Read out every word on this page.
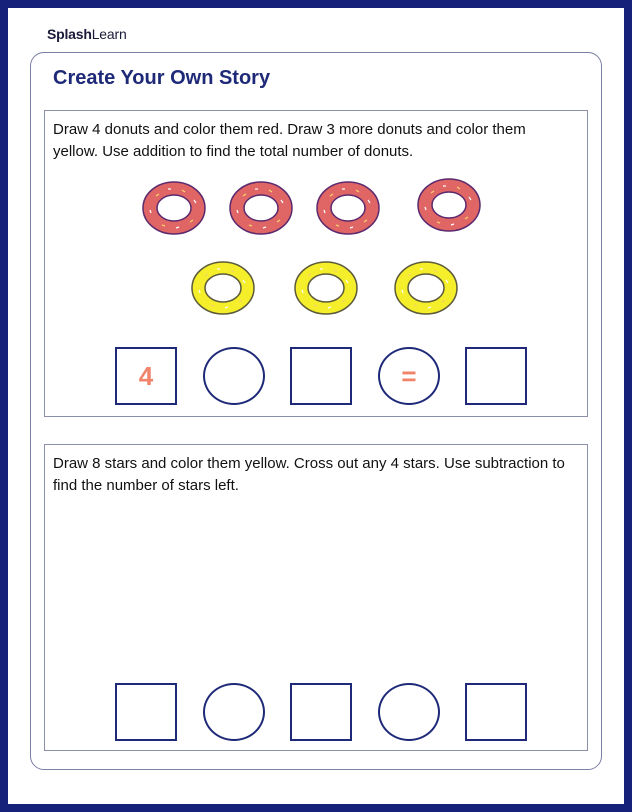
SplashLearn
Create Your Own Story
Draw 4 donuts and color them red. Draw 3 more donuts and color them yellow. Use addition to find the total number of donuts.
4	=
Draw 8 stars and color them yellow. Cross out any 4 stars. Use subtraction to find the number of stars left.
